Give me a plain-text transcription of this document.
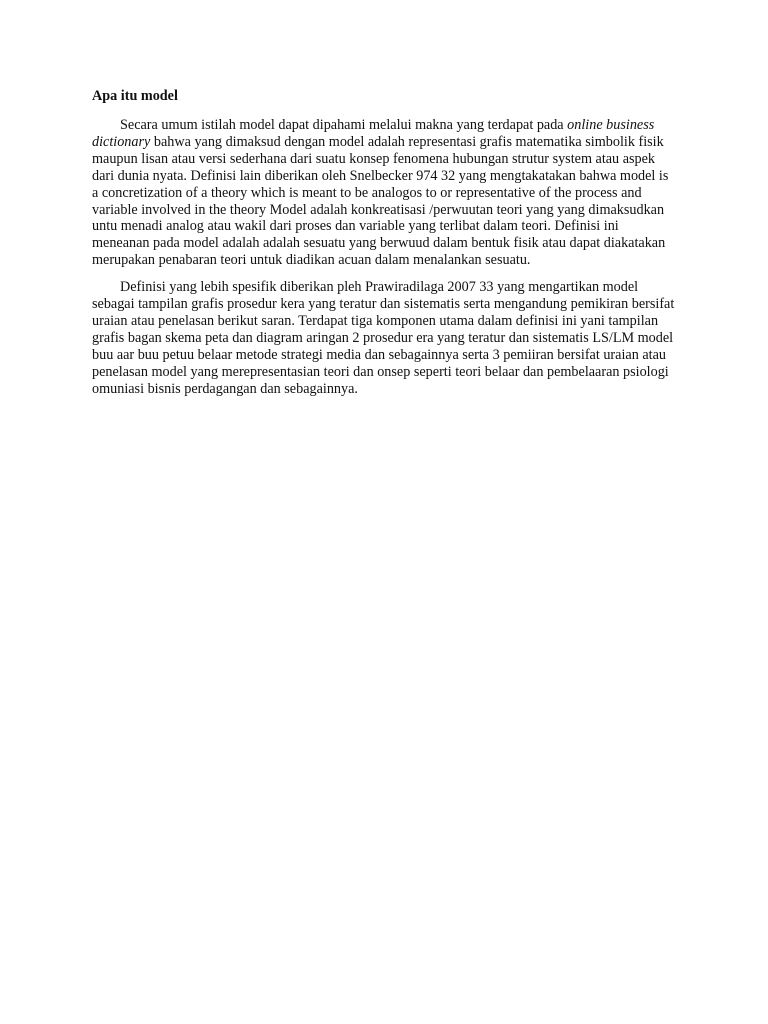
Apa itu model

Secara umum istilah model dapat dipahami melalui makna yang terdapat pada online business dictionary bahwa yang dimaksud dengan model adalah representasi grafis matematika simbolik fisik maupun lisan atau versi sederhana dari suatu konsep fenomena hubungan strutur system atau aspek dari dunia nyata. Definisi lain diberikan oleh Snelbecker 974 32 yang mengtakatakan bahwa model is a concretization of a theory which is meant to be analogos to or representative of the process and variable involved in the theory Model adalah konkreatisasi /perwuutan teori yang yang dimaksudkan untu menadi analog atau wakil dari proses dan variable yang terlibat dalam teori. Definisi ini meneanan pada model adalah adalah sesuatu yang berwuud dalam bentuk fisik atau dapat diakatakan merupakan penabaran teori untuk diadikan acuan dalam menalankan sesuatu.

Definisi yang lebih spesifik diberikan pleh Prawiradilaga 2007 33 yang mengartikan model sebagai tampilan grafis prosedur kera yang teratur dan sistematis serta mengandung pemikiran bersifat uraian atau penelasan berikut saran. Terdapat tiga komponen utama dalam definisi ini yani tampilan grafis bagan skema peta dan diagram aringan 2 prosedur era yang teratur dan sistematis LS/LM model buu aar buu petuu belaar metode strategi media dan sebagainnya serta 3 pemiiran bersifat uraian atau penelasan model yang merepresentasian teori dan onsep seperti teori belaar dan pembelaaran psiologi omuniasi bisnis perdagangan dan sebagainnya.
